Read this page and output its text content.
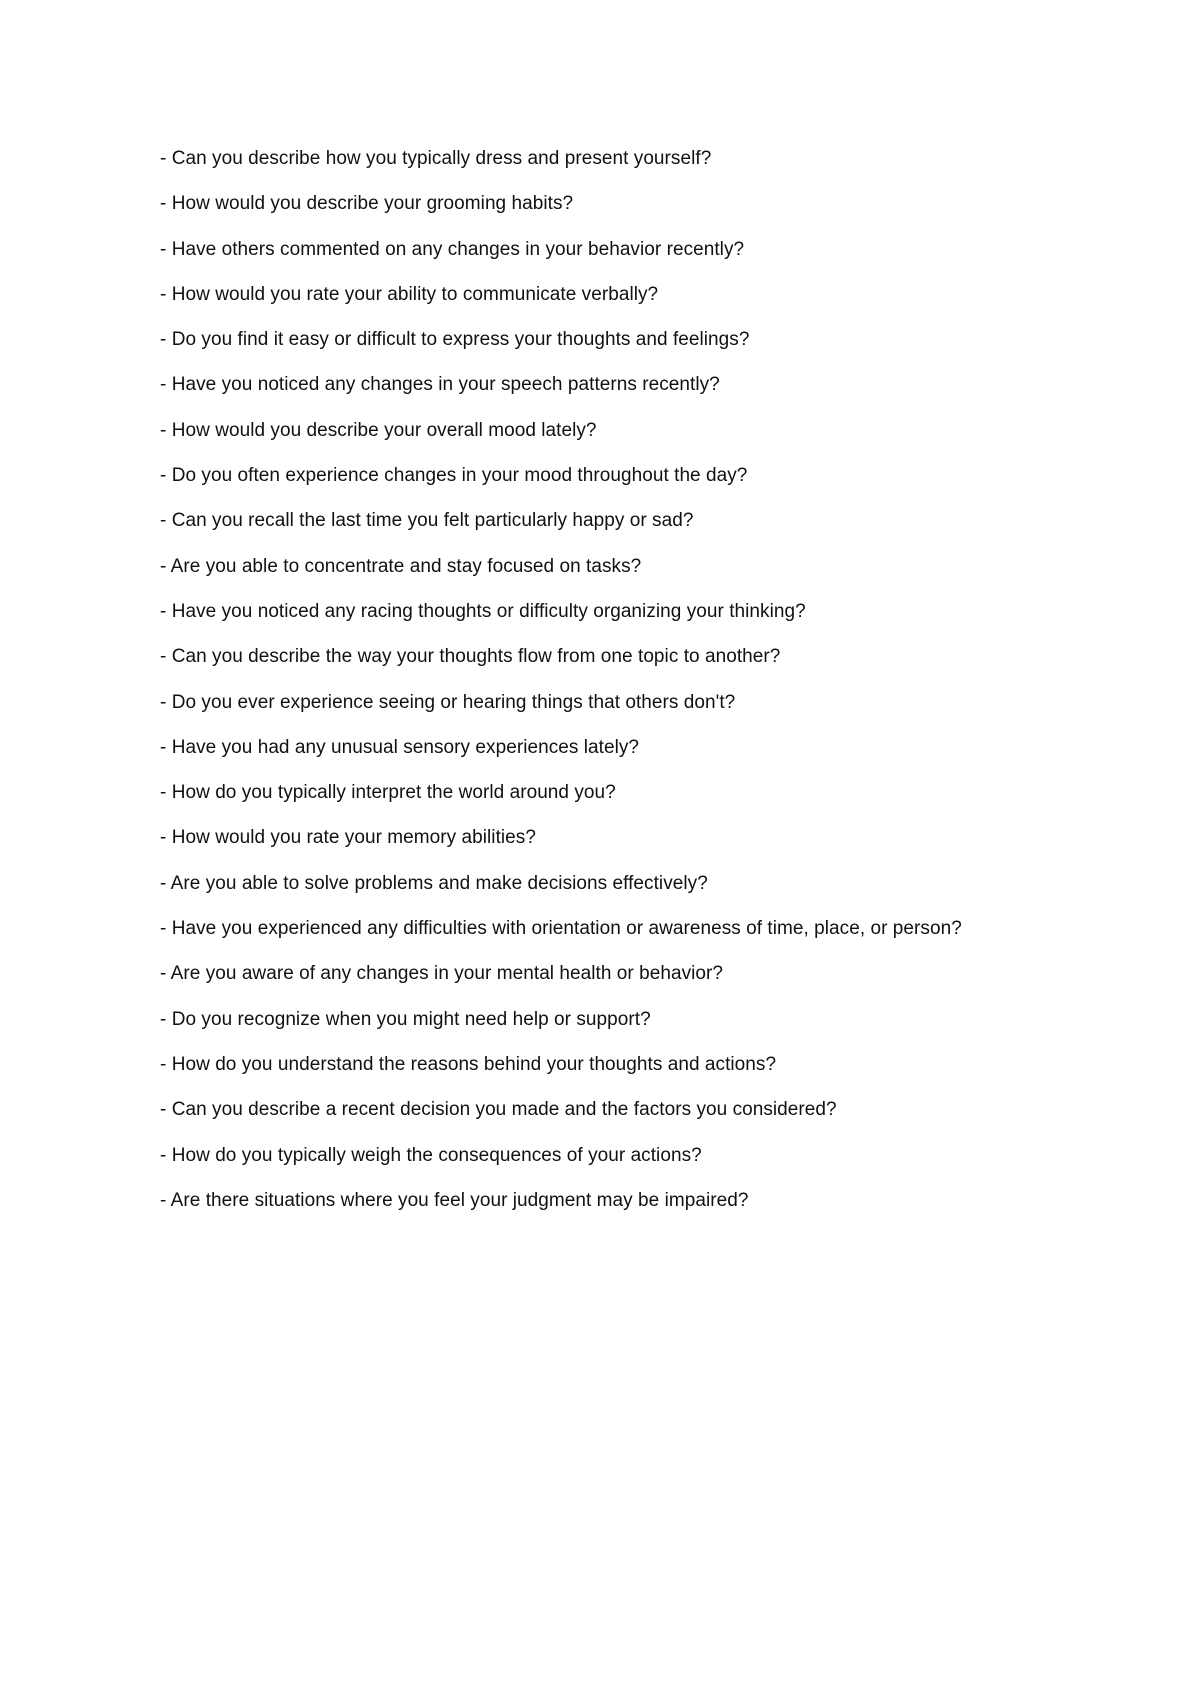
- Can you describe how you typically dress and present yourself?
- How would you describe your grooming habits?
- Have others commented on any changes in your behavior recently?
- How would you rate your ability to communicate verbally?
- Do you find it easy or difficult to express your thoughts and feelings?
- Have you noticed any changes in your speech patterns recently?
- How would you describe your overall mood lately?
- Do you often experience changes in your mood throughout the day?
- Can you recall the last time you felt particularly happy or sad?
- Are you able to concentrate and stay focused on tasks?
- Have you noticed any racing thoughts or difficulty organizing your thinking?
- Can you describe the way your thoughts flow from one topic to another?
- Do you ever experience seeing or hearing things that others don't?
- Have you had any unusual sensory experiences lately?
- How do you typically interpret the world around you?
- How would you rate your memory abilities?
- Are you able to solve problems and make decisions effectively?
- Have you experienced any difficulties with orientation or awareness of time, place, or person?
- Are you aware of any changes in your mental health or behavior?
- Do you recognize when you might need help or support?
- How do you understand the reasons behind your thoughts and actions?
- Can you describe a recent decision you made and the factors you considered?
- How do you typically weigh the consequences of your actions?
- Are there situations where you feel your judgment may be impaired?
